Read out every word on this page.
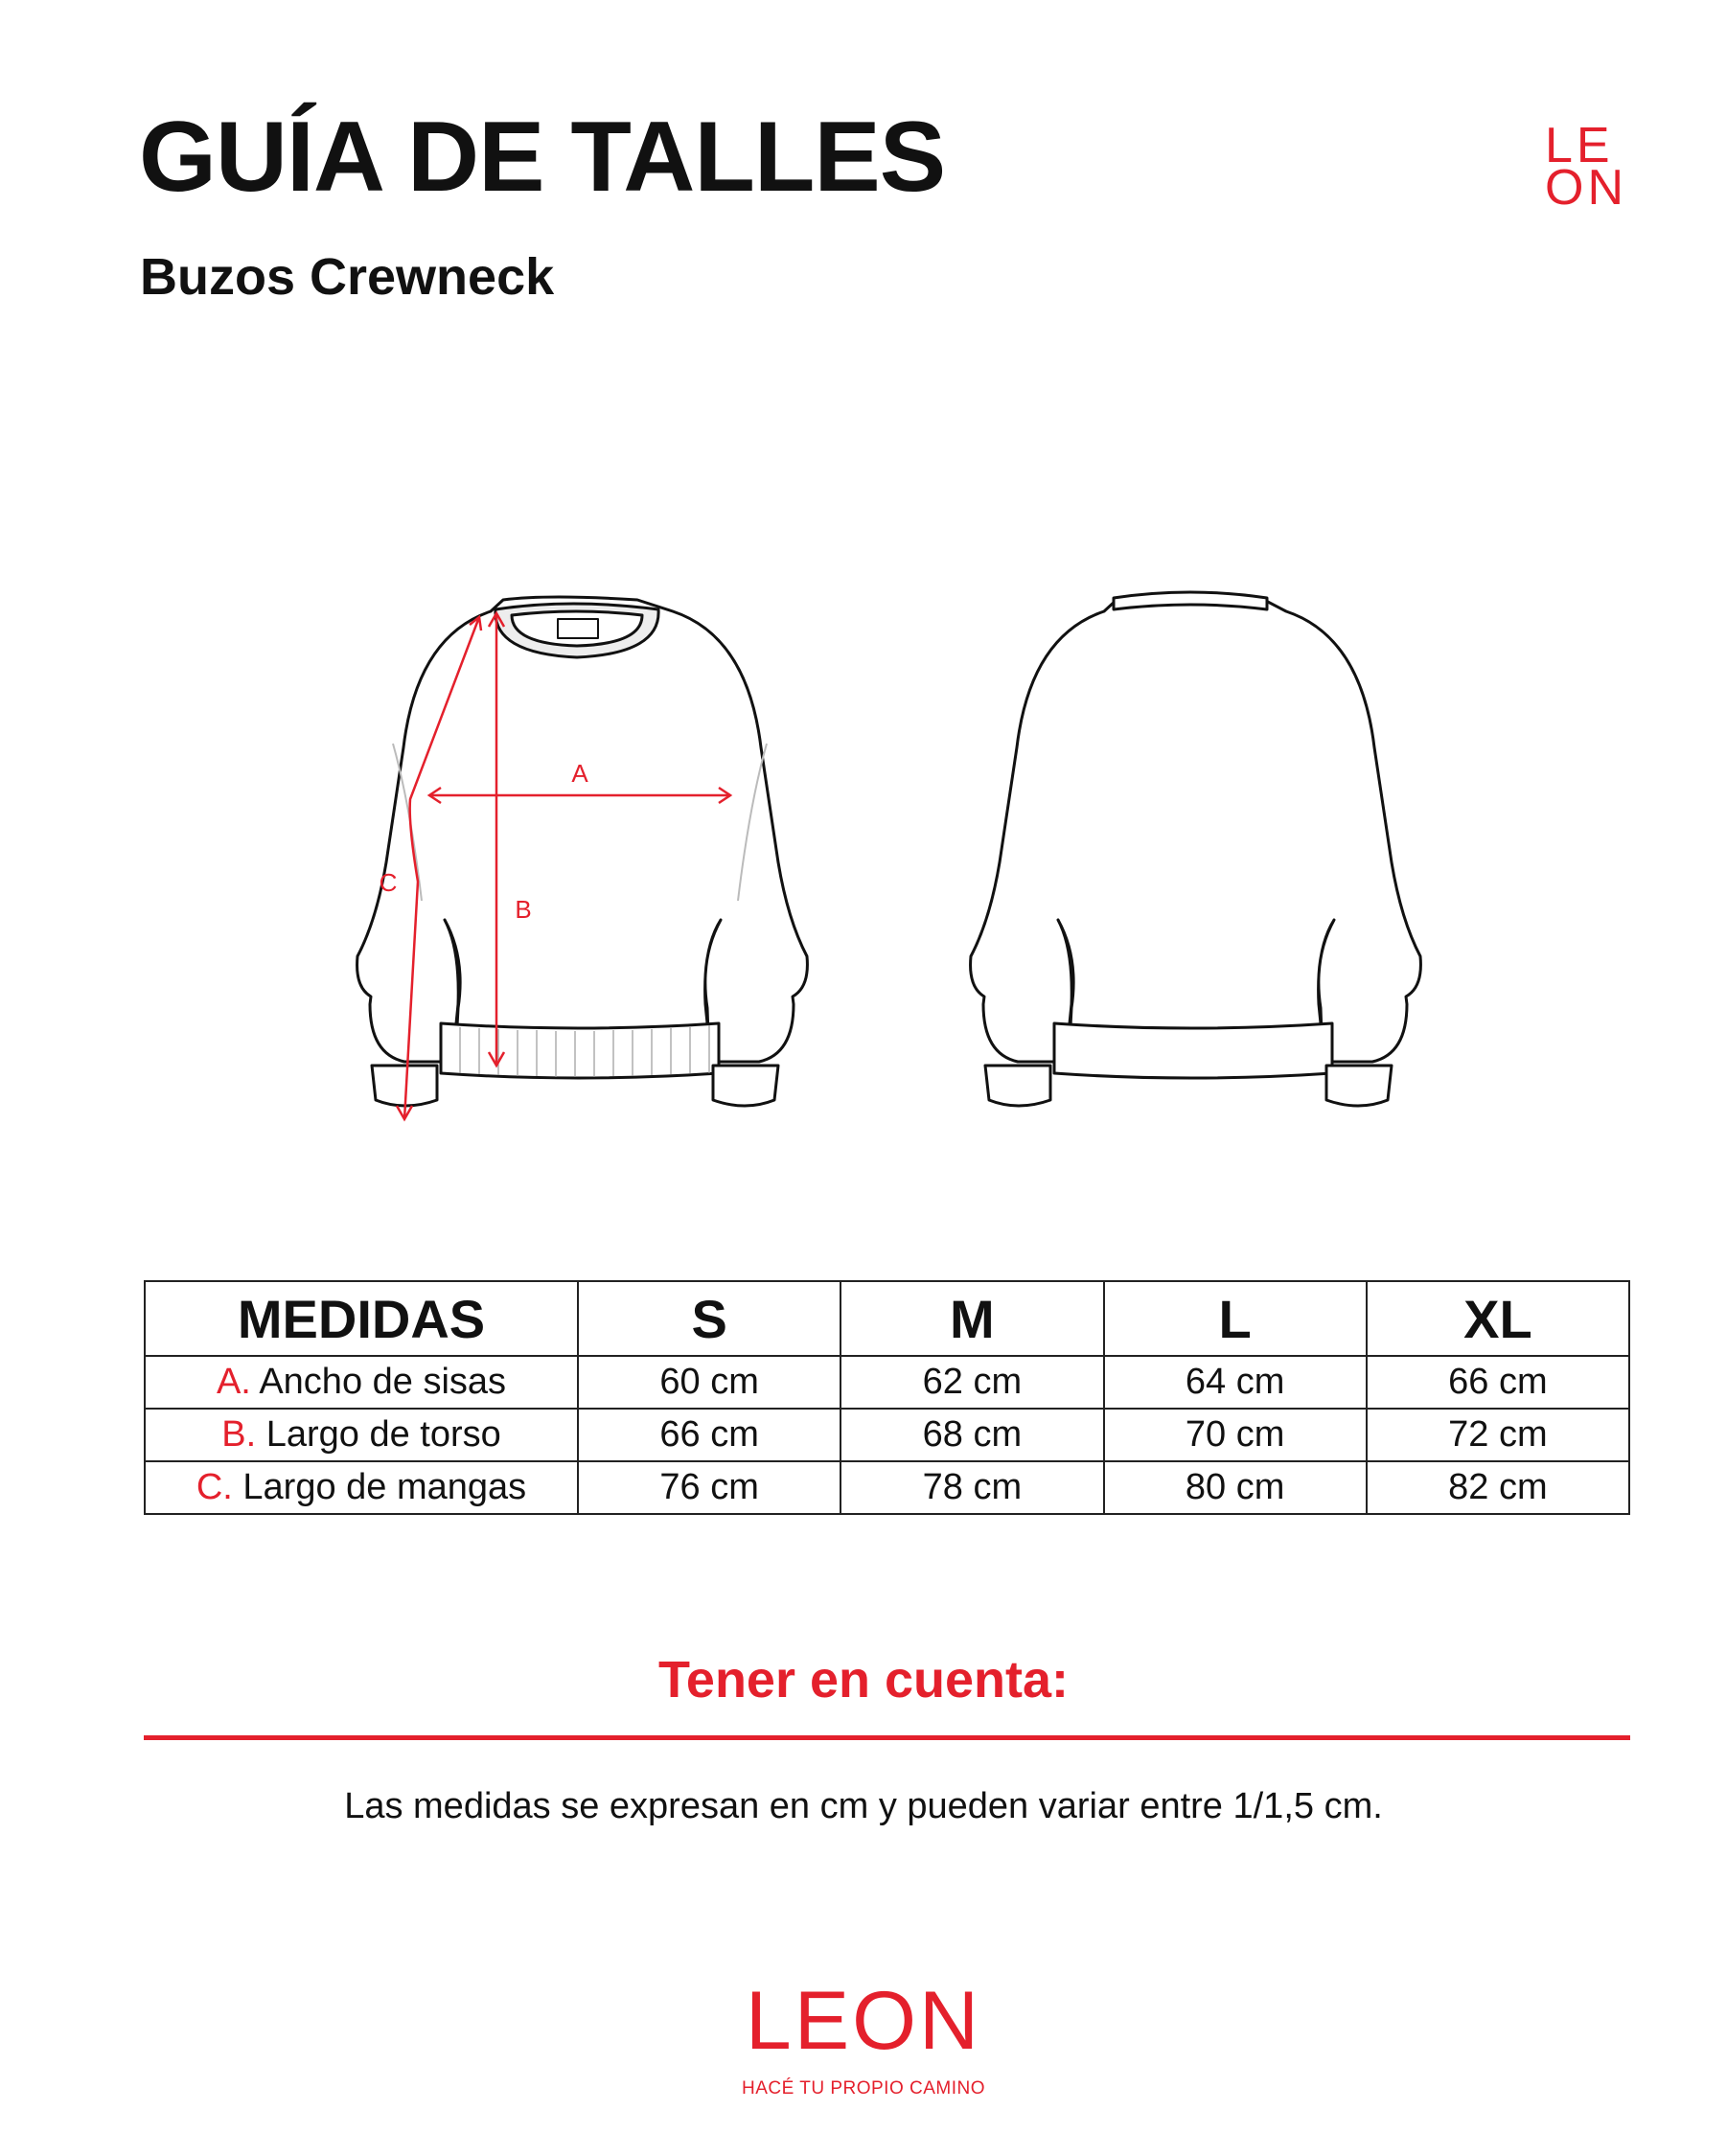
GUÍA DE TALLES
Buzos Crewneck
LE
ON
A
B
C
MEDIDAS	S	M	L	XL
A. Ancho de sisas	60 cm	62 cm	64 cm	66 cm
B. Largo de torso	66 cm	68 cm	70 cm	72 cm
C. Largo de mangas	76 cm	78 cm	80 cm	82 cm
Tener en cuenta:

Las medidas se expresan en cm y pueden variar entre 1/1,5 cm.

LEON
HACÉ TU PROPIO CAMINO
